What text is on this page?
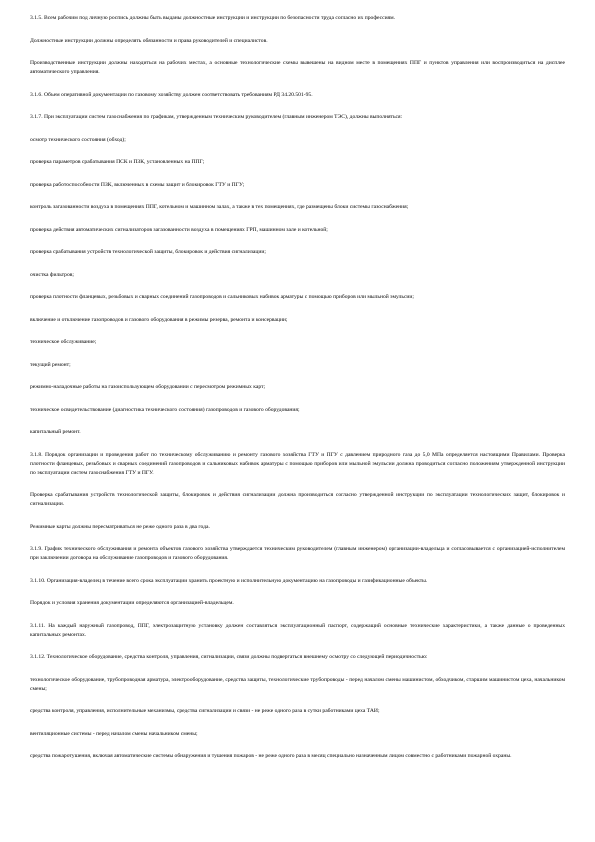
3.1.5. Всем рабочим под личную роспись должны быть выданы должностные инструкции и инструкции по безопасности труда согласно их профессиям.

Должностные инструкции должны определять обязанности и права руководителей и специалистов.

Производственные инструкции должны находиться на рабочих местах, а основные технологические схемы вывешены на видном месте в помещениях ППГ и пунктов управления или воспроизводиться на дисплее автоматического управления.

3.1.6. Объем оперативной документации по газовому хозяйству должен соответствовать требованиям РД 34.20.501-95.

3.1.7. При эксплуатации систем газоснабжения по графикам, утвержденным техническим руководителем (главным инженером ТЭС), должны выполняться:

осмотр технического состояния (обход);

проверка параметров срабатывания ПСК и ПЗК, установленных на ППГ;

проверка работоспособности ПЗК, включенных в схемы защит и блокировок ГТУ и ПГУ;

контроль загазованности воздуха в помещениях ППГ, котельном и машинном залах, а также в тех помещениях, где размещены блоки системы газоснабжения;

проверка действия автоматических сигнализаторов загазованности воздуха в помещениях ГРП, машинном зале и котельной;

проверка срабатывания устройств технологической защиты, блокировок и действия сигнализации;

очистка фильтров;

проверка плотности фланцевых, резьбовых и сварных соединений газопроводов и сальниковых набивок арматуры с помощью приборов или мыльной эмульсии;

включение и отключение газопроводов и газового оборудования в режимы резерва, ремонта и консервации;

техническое обслуживание;

текущий ремонт;

режимно-наладочные работы на газоиспользующем оборудовании с пересмотром режимных карт;

техническое освидетельствование (диагностика технического состояния) газопроводов и газового оборудования;

капитальный ремонт.

3.1.8. Порядок организации и проведения работ по техническому обслуживанию и ремонту газового хозяйства ГТУ и ПГУ с давлением природного газа до 5,0 МПа определяется настоящими Правилами. Проверка плотности фланцевых, резьбовых и сварных соединений газопроводов и сальниковых набивок арматуры с помощью приборов или мыльной эмульсии должна проводиться согласно положениям утвержденной инструкции по эксплуатации систем газоснабжения ГТУ и ПГУ.

Проверка срабатывания устройств технологической защиты, блокировок и действия сигнализации должна производиться согласно утвержденной инструкции по эксплуатации технологических защит, блокировок и сигнализации.

Режимные карты должны пересматриваться не реже одного раза в два года.

3.1.9. График технического обслуживания и ремонта объектов газового хозяйства утверждается техническим руководителем (главным инженером) организации-владельца и согласовывается с организацией-исполнителем при заключении договора на обслуживание газопроводов и газового оборудования.

3.1.10. Организация-владелец в течение всего срока эксплуатации хранить проектную и исполнительную документацию на газопроводы и газификационные объекты.

Порядок и условия хранения документации определяются организацией-владельцем.

3.1.11. На каждый наружный газопровод, ППГ, электрозащитную установку должен составляться эксплуатационный паспорт, содержащий основные технические характеристики, а также данные о проведенных капитальных ремонтах.

3.1.12. Технологическое оборудование, средства контроля, управления, сигнализации, связи должны подвергаться внешнему осмотру со следующей периодичностью:

технологическое оборудование, трубопроводная арматура, электрооборудование, средства защиты, технологические трубопроводы - перед началом смены машинистом, обходчиком, старшим машинистом цеха, начальником смены;

средства контроля, управления, исполнительные механизмы, средства сигнализации и связи - не реже одного раза в сутки работниками цеха ТАИ;

вентиляционные системы - перед началом смены начальником смены;

средства пожаротушения, включая автоматические системы обнаружения и тушения пожаров - не реже одного раза в месяц специально назначенным лицом совместно с работниками пожарной охраны.
